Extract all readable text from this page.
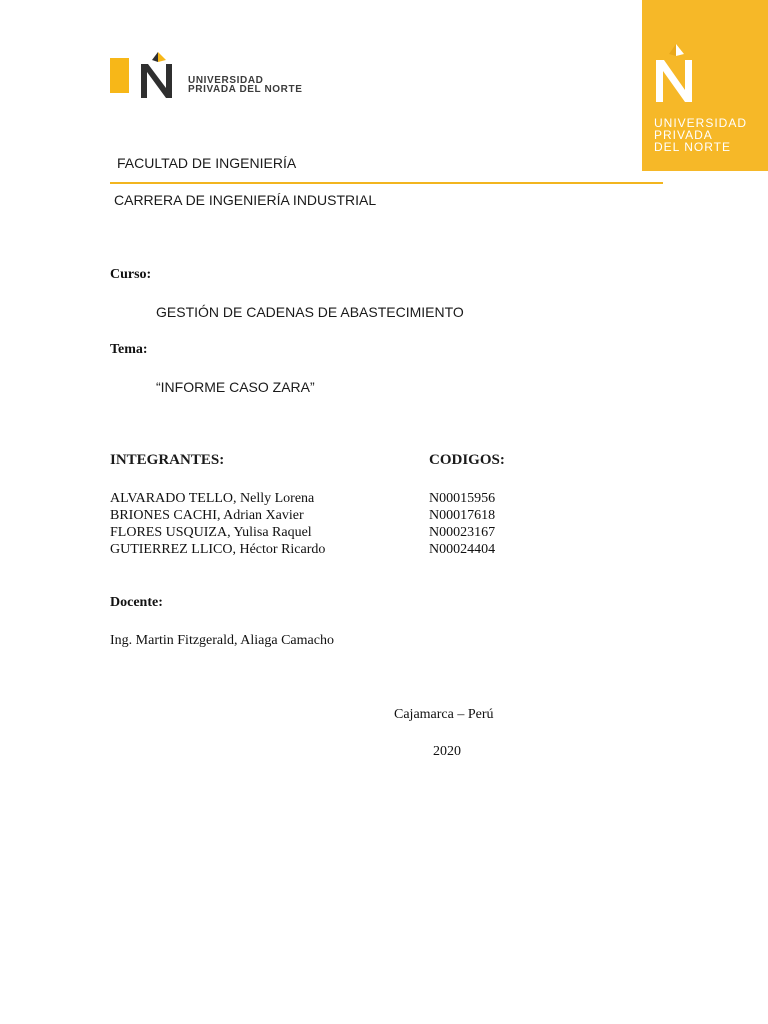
UNIVERSIDAD
PRIVADA DEL NORTE
UNIVERSIDAD
PRIVADA
DEL NORTE
FACULTAD DE INGENIERÍA
CARRERA DE INGENIERÍA INDUSTRIAL
Curso:
GESTIÓN DE CADENAS DE ABASTECIMIENTO
Tema:
“INFORME CASO ZARA”
INTEGRANTES:	CODIGOS:
ALVARADO TELLO, Nelly Lorena	N00015956
BRIONES CACHI, Adrian Xavier	N00017618
FLORES USQUIZA, Yulisa Raquel	N00023167
GUTIERREZ LLICO, Héctor Ricardo	N00024404
Docente:
Ing. Martin Fitzgerald, Aliaga Camacho
Cajamarca – Perú
2020
